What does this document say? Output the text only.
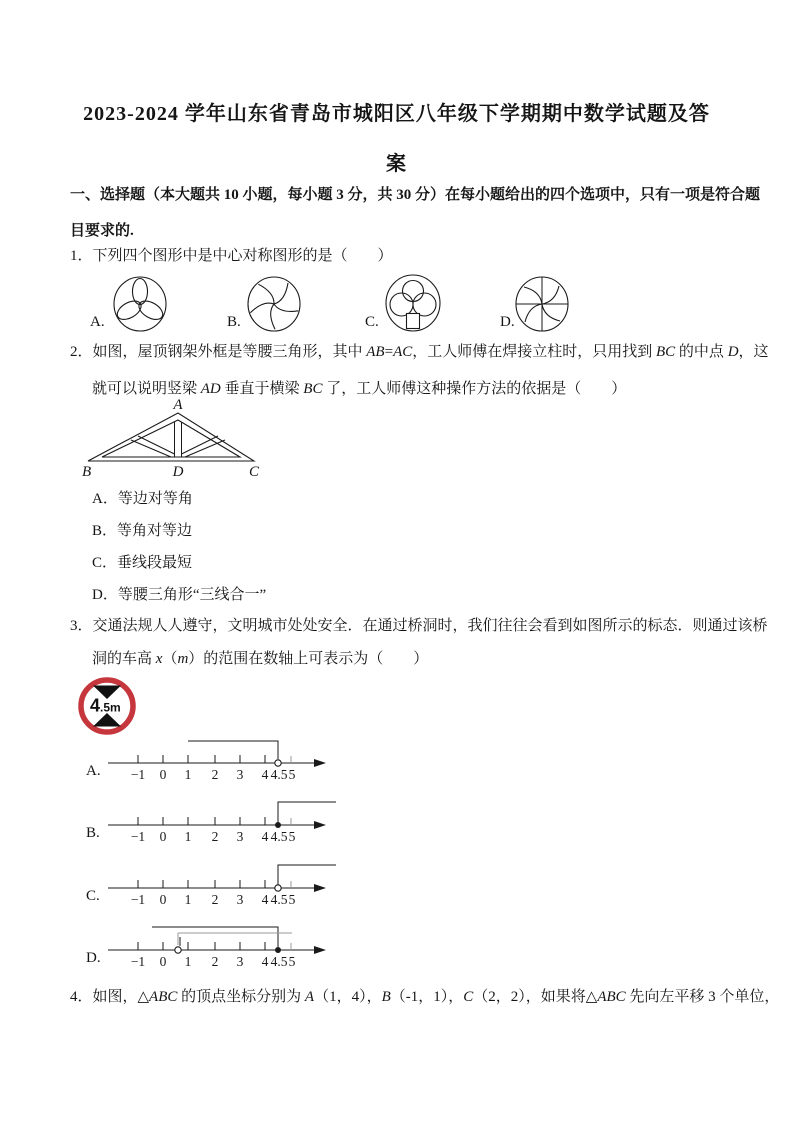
2023-2024 学年山东省青岛市城阳区八年级下学期期中数学试题及答
案
一、选择题（本大题共 10 小题，每小题 3 分，共 30 分）在每小题给出的四个选项中，只有一项是符合题
目要求的.
1．下列四个图形中是中心对称图形的是（　　）
A.	B.	C.	D.
2．如图，屋顶钢架外框是等腰三角形，其中 AB=AC，工人师傅在焊接立柱时，只用找到 BC 的中点 D，这
就可以说明竖梁 AD 垂直于横梁 BC 了，工人师傅这种操作方法的依据是（　　）
A
B	D	C
A．等边对等角
B．等角对等边
C．垂线段最短
D．等腰三角形“三线合一”
3．交通法规人人遵守，文明城市处处安全．在通过桥洞时，我们往往会看到如图所示的标态．则通过该桥
洞的车高 x（m）的范围在数轴上可表示为（　　）
4.5m
A.
B.
C.
D.
−1 0 1 2 3 4 4.5 5
−1 0 1 2 3 4 4.5 5
−1 0 1 2 3 4 4.5 5
−1 0 1 2 3 4 4.5 5
4．如图，△ABC 的顶点坐标分别为 A（1，4），B（-1，1），C（2，2），如果将△ABC 先向左平移 3 个单位，
